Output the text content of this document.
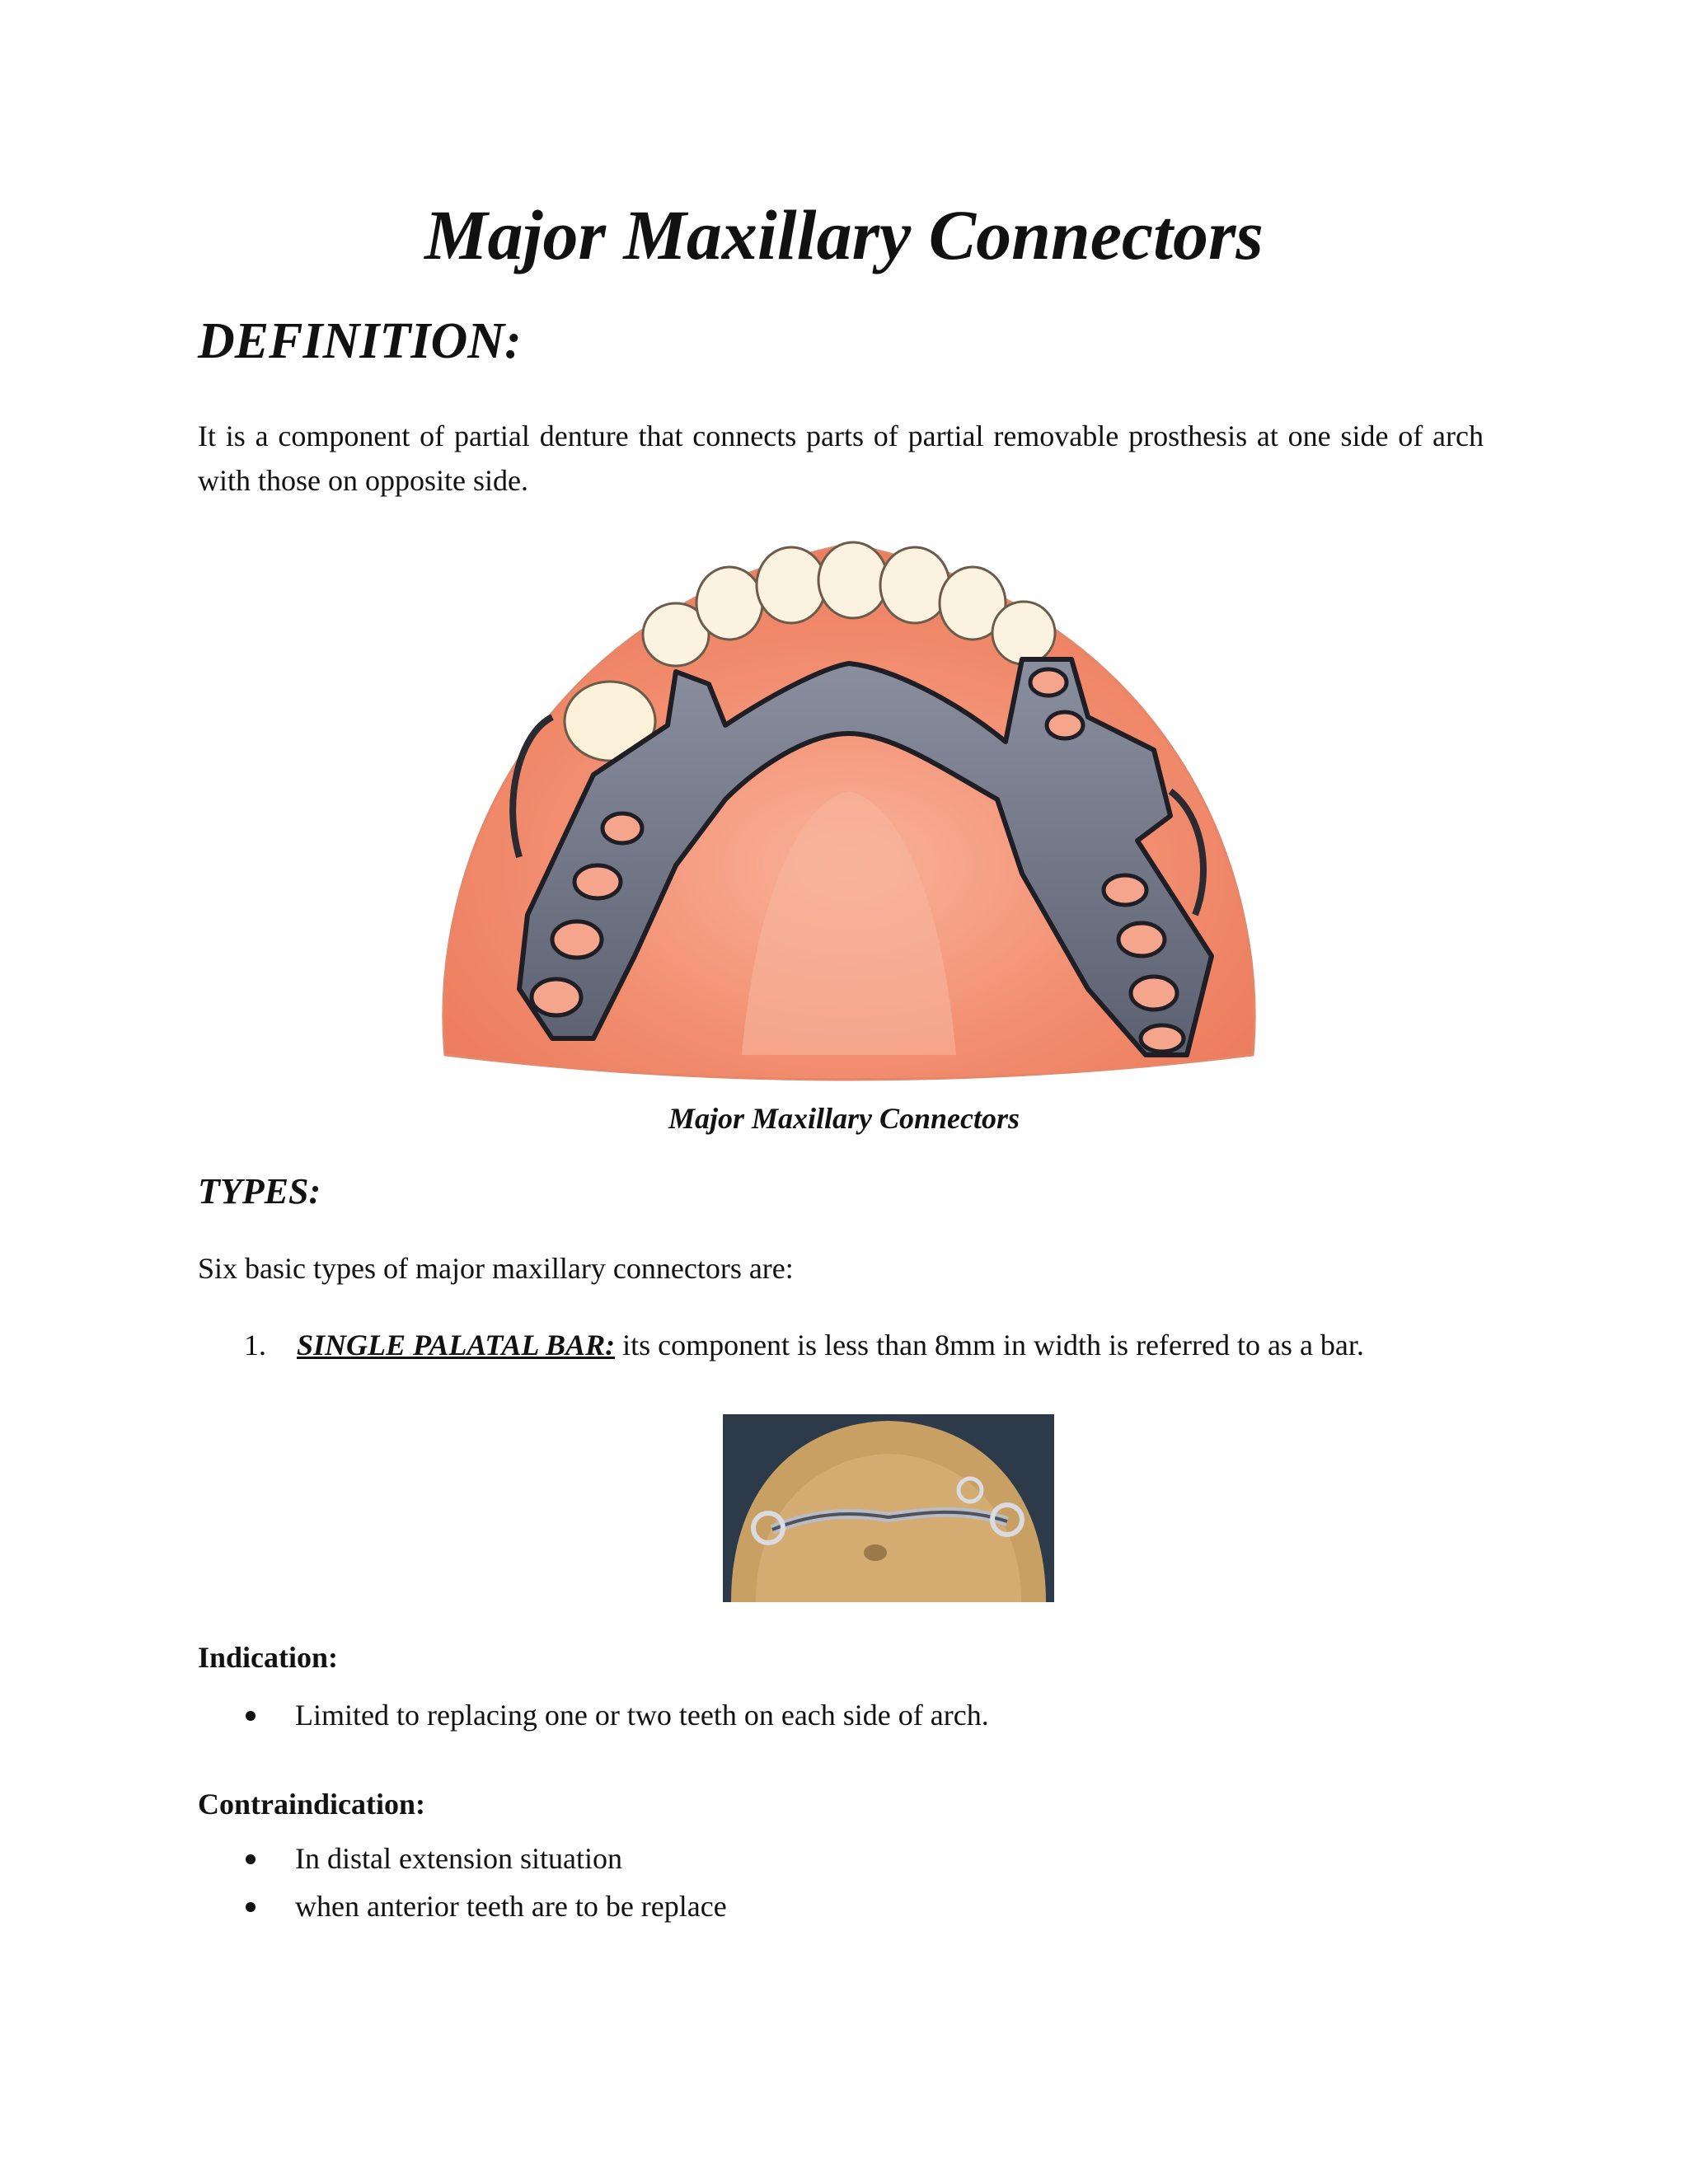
Major Maxillary Connectors
DEFINITION:

It is a component of partial denture that connects parts of partial removable prosthesis at one side of arch with those on opposite side.

Major Maxillary Connectors

TYPES:

Six basic types of major maxillary connectors are:

1.	SINGLE PALATAL BAR: its component is less than 8mm in width is referred to as a bar.
Indication:
Limited to replacing one or two teeth on each side of arch.
Contraindication:
In distal extension situation
when anterior teeth are to be replace
